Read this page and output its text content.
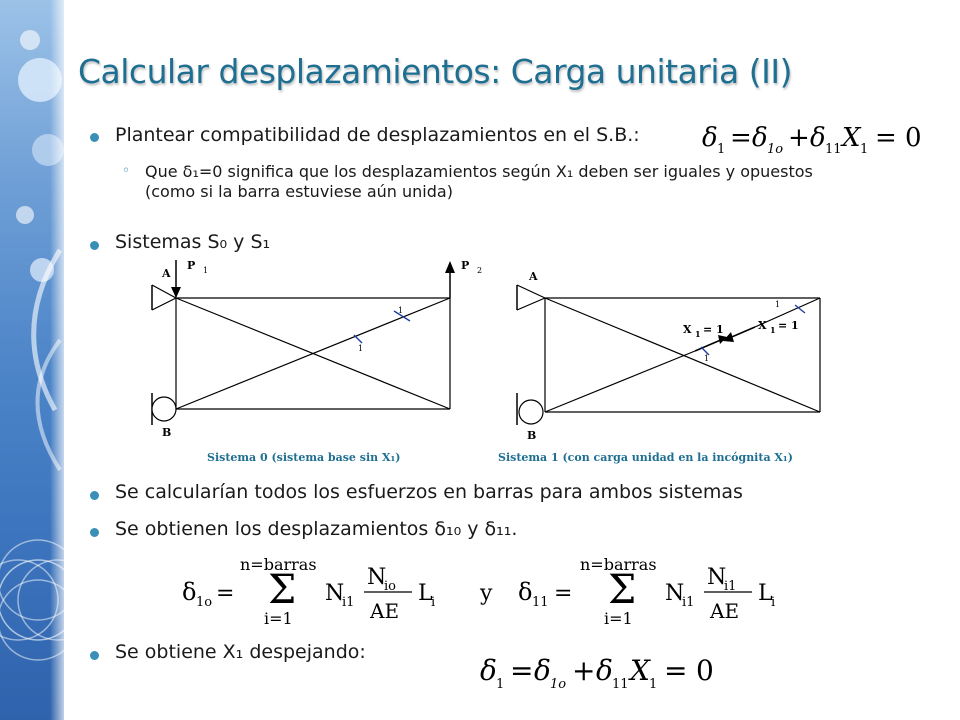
Calcular desplazamientos: Carga unitaria (II)
Plantear compatibilidad de desplazamientos en el S.B.: δ 1 = δ 1o + δ 11 X 1 = 0
◦ Que δ₁=0 significa que los desplazamientos según X₁ deben ser iguales y opuestos (como si la barra estuviese aún unida)
Sistemas S₀ y S₁
A
B
P 1	P 2
1
1
A
B
X 1 = 1	X 1 = 1
1
1
Sistema 0 (sistema base sin X₁)	Sistema 1 (con carga unidad en la incógnita X₁)
Se calcularían todos los esfuerzos en barras para ambos sistemas
Se obtienen los desplazamientos δ₁₀ y δ₁₁.
δ 1o =
n=barras
Σ
i=1
N
i1
N
io
AE
L
i y δ 11 =
n=barras
Σ
i=1
N
i1
N
i1
AE
L
i
Se obtiene X₁ despejando:
δ 1 = δ 1o + δ 11 X 1 = 0
